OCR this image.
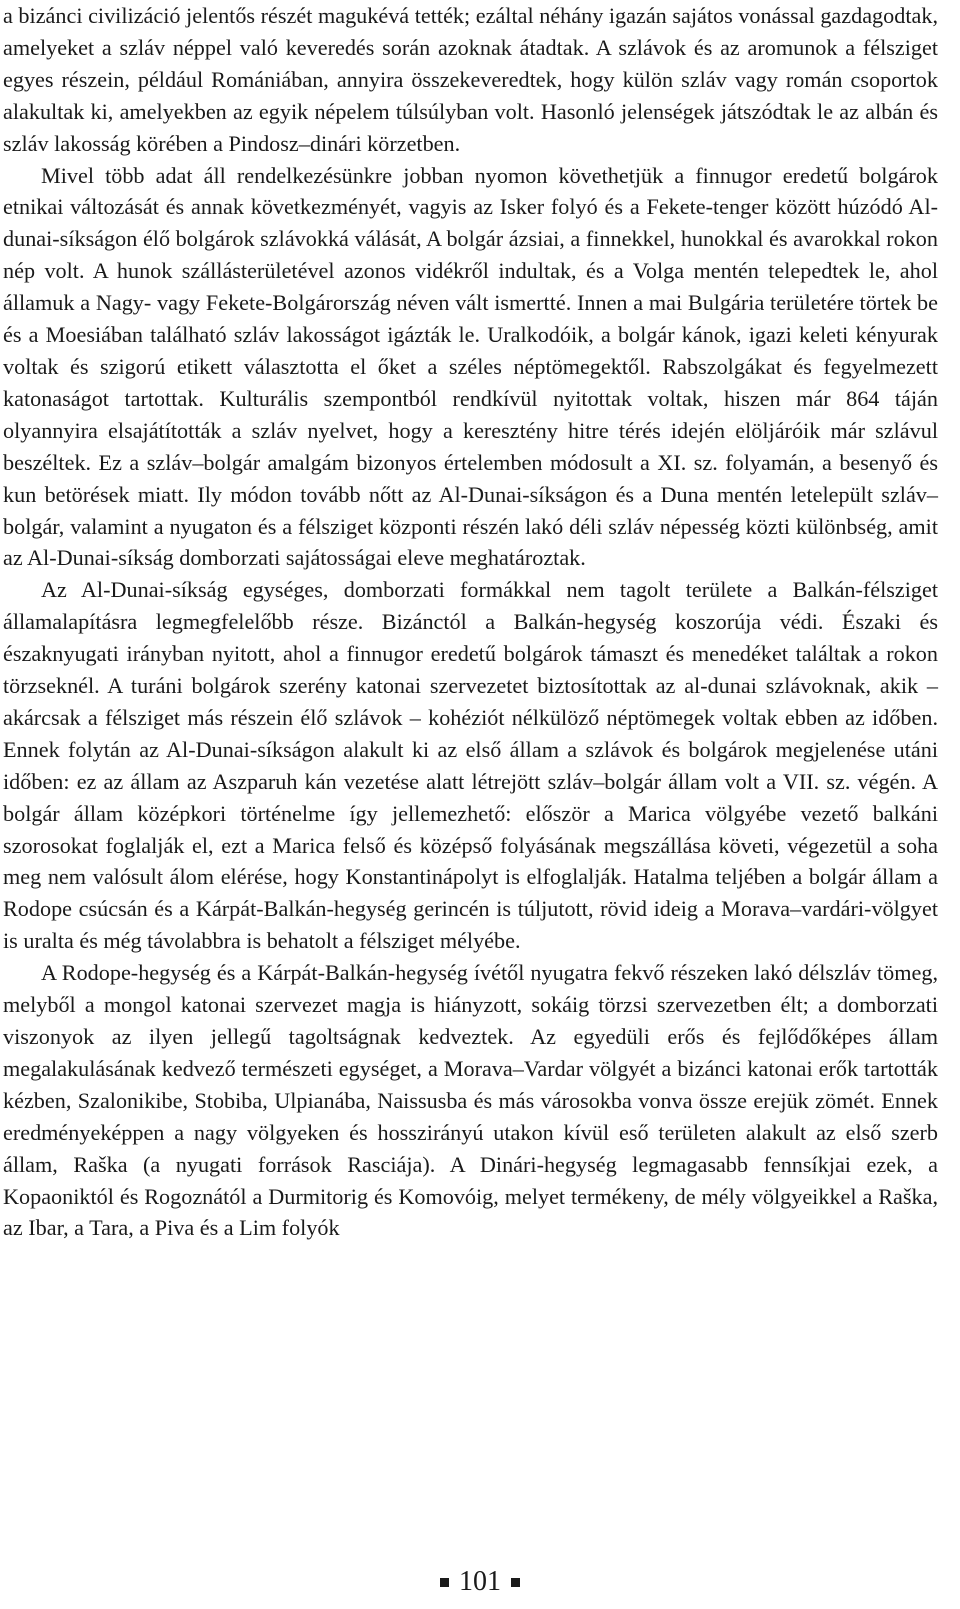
a bizánci civilizáció jelentős részét magukévá tették; ezáltal néhány igazán sajátos vonással gazdagodtak, amelyeket a szláv néppel való keveredés során azoknak átadtak. A szlávok és az aromunok a félsziget egyes részein, például Romániában, annyira összekeveredtek, hogy külön szláv vagy román csoportok alakultak ki, amelyekben az egyik népelem túlsúlyban volt. Hasonló jelenségek játszódtak le az albán és szláv lakosság körében a Pindosz–dinári körzetben.

Mivel több adat áll rendelkezésünkre jobban nyomon követhetjük a finnugor eredetű bolgárok etnikai változását és annak következményét, vagyis az Isker folyó és a Fekete-tenger között húzódó Al-dunai-síkságon élő bolgárok szlávokká válását, A bolgár ázsiai, a finnekkel, hunokkal és avarokkal rokon nép volt. A hunok szállásterületével azonos vidékről indultak, és a Volga mentén telepedtek le, ahol államuk a Nagy- vagy Fekete-Bolgárország néven vált ismertté. Innen a mai Bulgária területére törtek be és a Moesiában található szláv lakosságot igázták le. Uralkodóik, a bolgár kánok, igazi keleti kényurak voltak és szigorú etikett választotta el őket a széles néptömegektől. Rabszolgákat és fegyelmezett katonaságot tartottak. Kulturális szempontból rendkívül nyitottak voltak, hiszen már 864 táján olyannyira elsajátították a szláv nyelvet, hogy a keresztény hitre térés idején elöljáróik már szlávul beszéltek. Ez a szláv–bolgár amalgám bizonyos értelemben módosult a XI. sz. folyamán, a besenyő és kun betörések miatt. Ily módon tovább nőtt az Al-Dunai-síkságon és a Duna mentén letelepült szláv–bolgár, valamint a nyugaton és a félsziget központi részén lakó déli szláv népesség közti különbség, amit az Al-Dunai-síkság domborzati sajátosságai eleve meghatároztak.

Az Al-Dunai-síkság egységes, domborzati formákkal nem tagolt területe a Balkán-félsziget államalapításra legmegfelelőbb része. Bizánctól a Balkán-hegység koszorúja védi. Északi és északnyugati irányban nyitott, ahol a finnugor eredetű bolgárok támaszt és menedéket találtak a rokon törzseknél. A turáni bolgárok szerény katonai szervezetet biztosítottak az al-dunai szlávoknak, akik – akárcsak a félsziget más részein élő szlávok – kohéziót nélkülöző néptömegek voltak ebben az időben. Ennek folytán az Al-Dunai-síkságon alakult ki az első állam a szlávok és bolgárok megjelenése utáni időben: ez az állam az Aszparuh kán vezetése alatt létrejött szláv–bolgár állam volt a VII. sz. végén. A bolgár állam középkori történelme így jellemezhető: először a Marica völgyébe vezető balkáni szorosokat foglalják el, ezt a Marica felső és középső folyásának megszállása követi, végezetül a soha meg nem valósult álom elérése, hogy Konstantinápolyt is elfoglalják. Hatalma teljében a bolgár állam a Rodope csúcsán és a Kárpát-Balkán-hegység gerincén is túljutott, rövid ideig a Morava–vardári-völgyet is uralta és még távolabbra is behatolt a félsziget mélyébe.

A Rodope-hegység és a Kárpát-Balkán-hegység ívétől nyugatra fekvő részeken lakó délszláv tömeg, melyből a mongol katonai szervezet magja is hiányzott, sokáig törzsi szervezetben élt; a domborzati viszonyok az ilyen jellegű tagoltságnak kedveztek. Az egyedüli erős és fejlődőképes állam megalakulásának kedvező természeti egységet, a Morava–Vardar völgyét a bizánci katonai erők tartották kézben, Szalonikibe, Stobiba, Ulpianába, Naissusba és más városokba vonva össze erejük zömét. Ennek eredményeképpen a nagy völgyeken és hosszirányú utakon kívül eső területen alakult az első szerb állam, Raška (a nyugati források Rasciája). A Dinári-hegység legmagasabb fennsíkjai ezek, a Kopaoniktól és Rogoznától a Durmitorig és Komovóig, melyet termékeny, de mély völgyeikkel a Raška, az Ibar, a Tara, a Piva és a Lim folyók

101
